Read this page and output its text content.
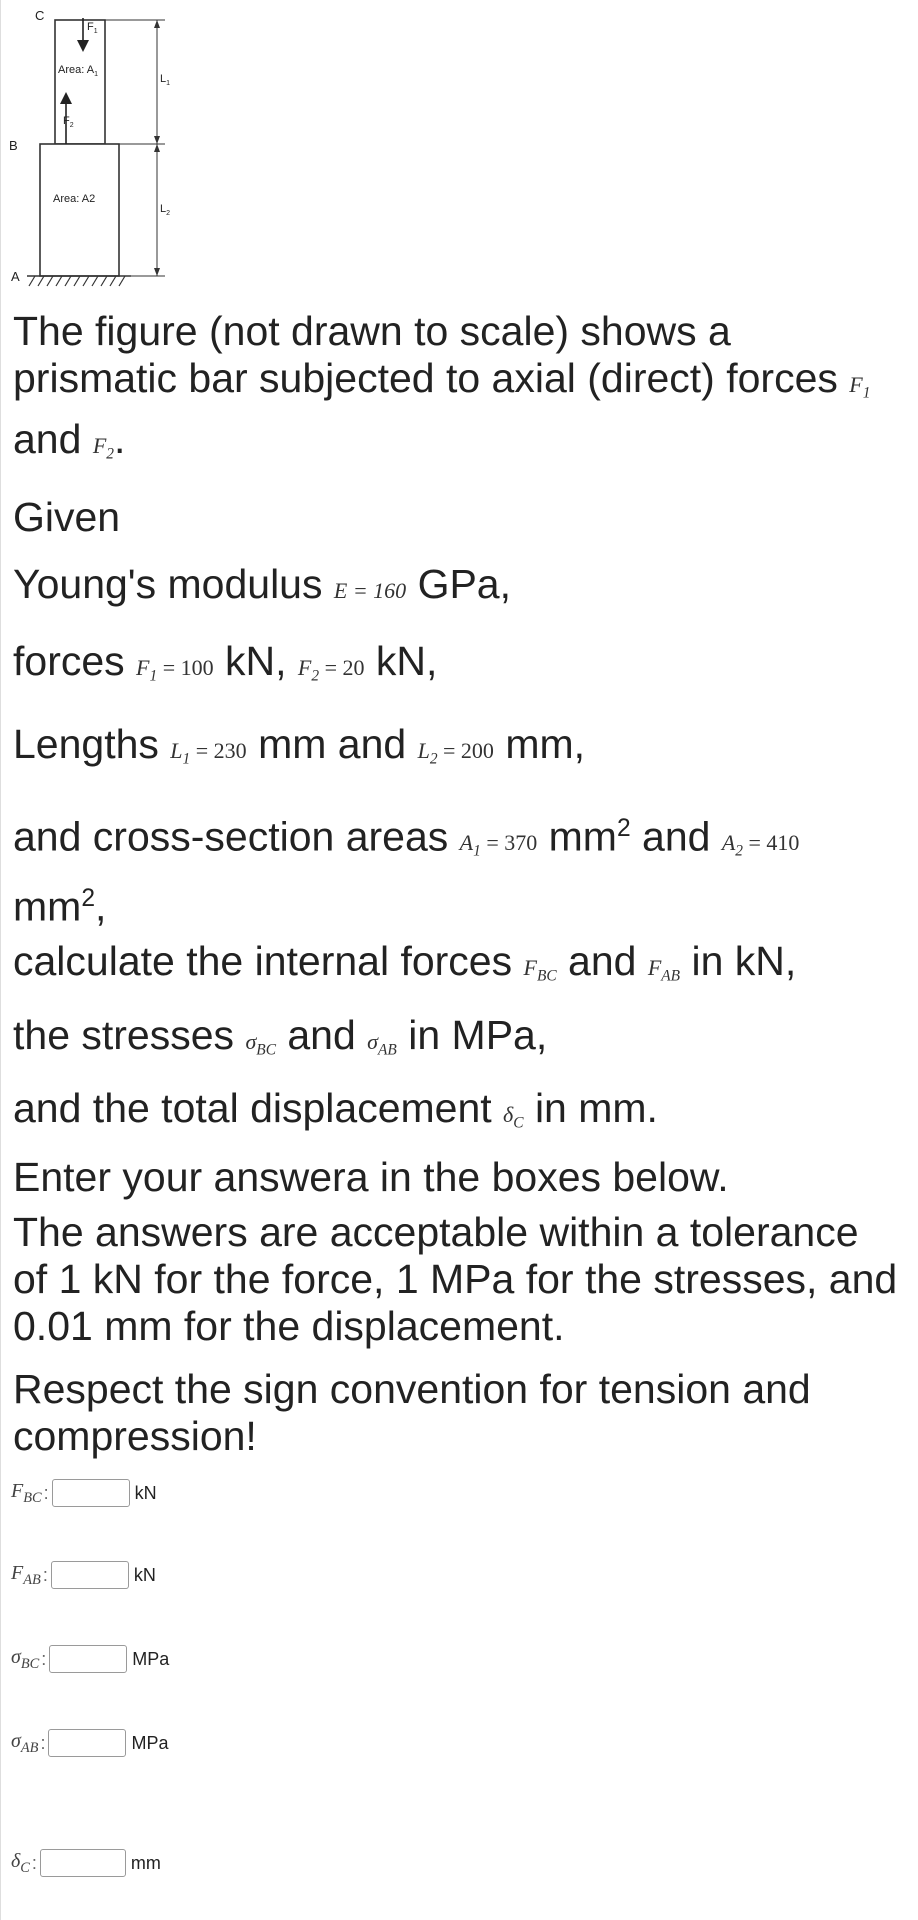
C
B
A
$F_1$
$F_2$
Area: $A_1$
Area: A2
$L_1$
$L_2$

The figure (not drawn to scale) shows a prismatic bar subjected to axial (direct) forces $F_1$ and $F_2$.

Given

Young's modulus E = 160 GPa,

forces $F_1 = 100$ kN, $F_2 = 20$ kN,

Lengths $L_1 = 230$ mm and $L_2 = 200$ mm,

and cross-section areas $A_1 = 370$ $mm^2$ and $A_2 = 410$ $mm^2$,

calculate the internal forces $F_{BC}$ and $F_{AB}$ in kN,

the stresses $\sigma_{BC}$ and $\sigma_{AB}$ in MPa,

and the total displacement $\delta_C$ in mm.

Enter your answera in the boxes below.

The answers are acceptable within a tolerance of 1 kN for the force, 1 MPa for the stresses, and 0.01 mm for the displacement.

Respect the sign convention for tension and compression!

$F_{BC}$ :	kN
$F_{AB}$ :	kN
$\sigma_{BC}$ :	MPa
$\sigma_{AB}$ :	MPa
$\delta_C$ :	mm
